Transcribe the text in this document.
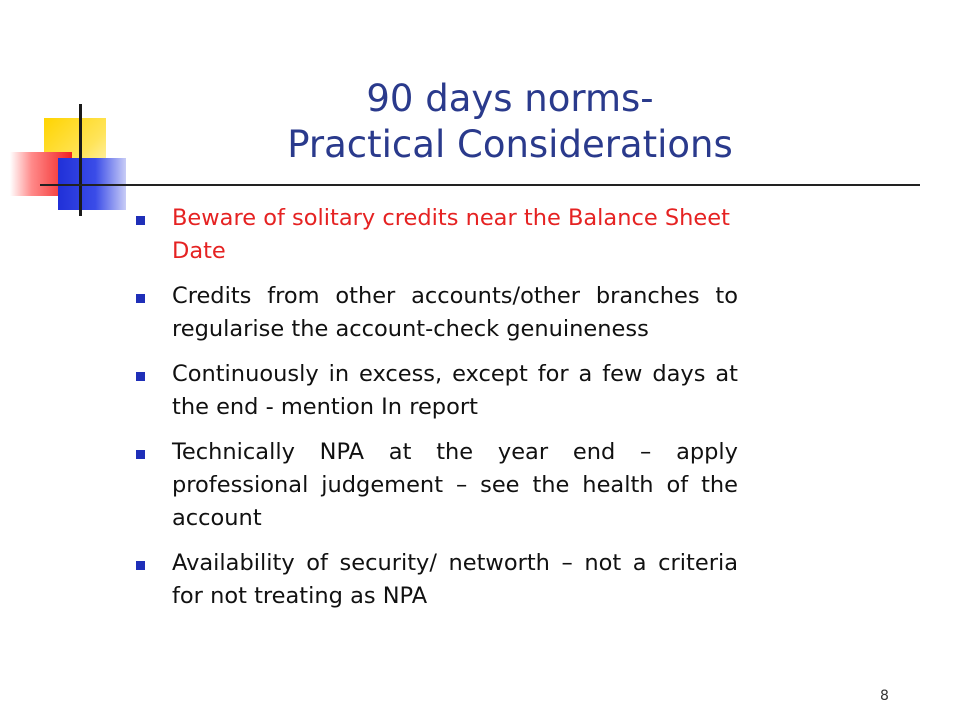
90 days norms-
Practical Considerations
Beware of solitary credits near the Balance Sheet Date
Credits from other accounts/other branches to regularise the account-check genuineness
Continuously in excess, except for a few days at the end - mention In report
Technically NPA at the year end – apply professional judgement – see the health of the account
Availability of security/ networth – not a criteria for not treating as NPA
8
